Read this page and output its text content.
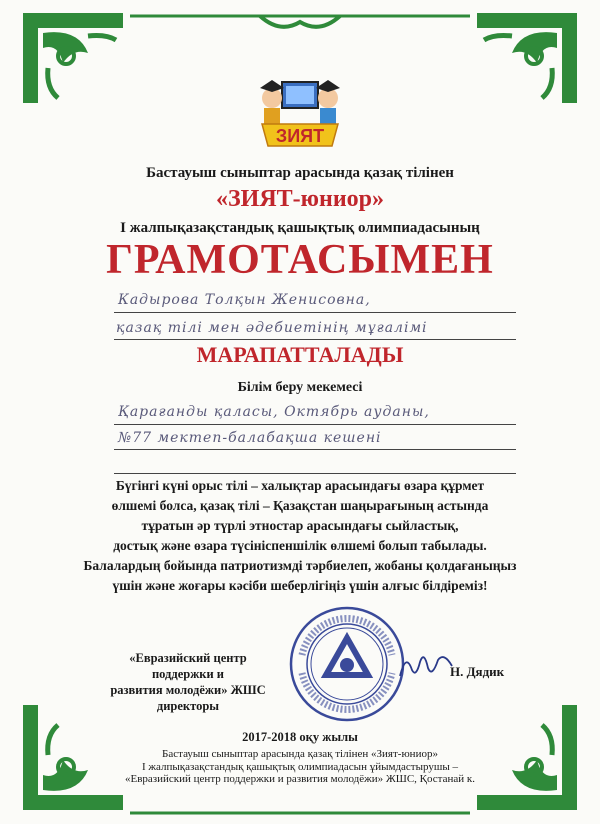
ЗИЯТ
Бастауыш сыныптар арасында қазақ тілінен
«ЗИЯТ-юниор»
І жалпықазақстандық қашықтық олимпиадасының
ГРАМОТАСЫМЕН
Кадырова Толқын Женисовна,
қазақ тілі мен әдебиетінің мұғалімі
МАРАПАТТАЛАДЫ
Білім беру мекемесі
Қарағанды қаласы, Октябрь ауданы,
№77 мектеп-балабақша кешені
Бүгінгі күні орыс тілі – халықтар арасындағы өзара құрмет
өлшемі болса, қазақ тілі – Қазақстан шаңырағының астында
тұратын әр түрлі этностар арасындағы сыйластық,
достық және өзара түсініспеншілік өлшемі болып табылады.
Балалардың бойында патриотизмді тәрбиелеп, жобаны қолдағаныңыз
үшін және жоғары кәсіби шеберлігіңіз үшін алғыс білдіреміз!
«Евразийский центр поддержки и
развития молодёжи» ЖШС директоры
Н. Дядик
2017-2018 оқу жылы
Бастауыш сыныптар арасында қазақ тілінен «Зият-юниор»
І жалпықазақстандық қашықтық олимпиадасын ұйымдастырушы –
«Евразийский центр поддержки и развития молодёжи» ЖШС, Қостанай к.
